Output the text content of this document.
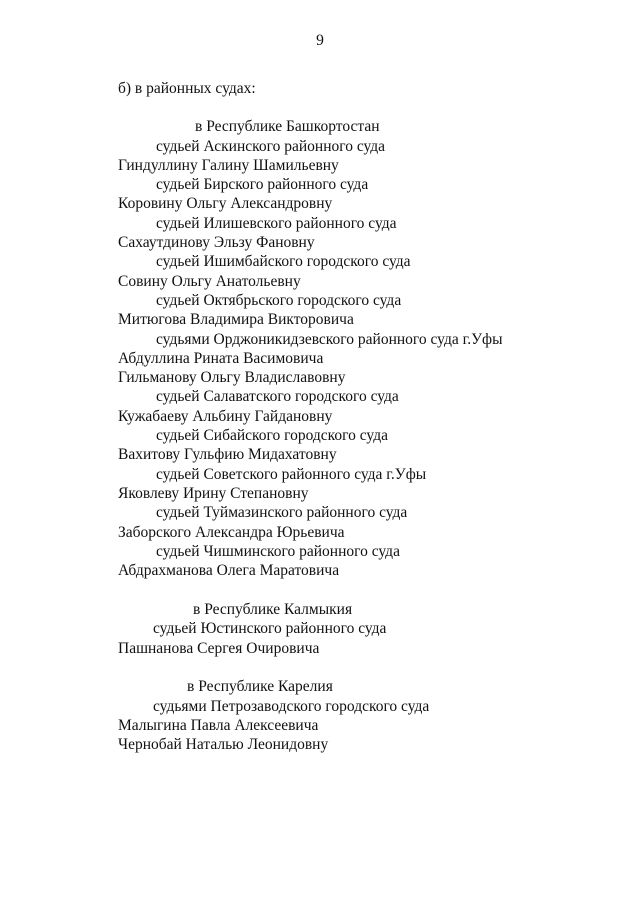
9
б) в районных судах:
в Республике Башкортостан
судьей Аскинского районного суда
Гиндуллину Галину Шамильевну
судьей Бирского районного суда
Коровину Ольгу Александровну
судьей Илишевского районного суда
Сахаутдинову Эльзу Фановну
судьей Ишимбайского городского суда
Совину Ольгу Анатольевну
судьей Октябрьского городского суда
Митюгова Владимира Викторовича
судьями Орджоникидзевского районного суда г.Уфы
Абдуллина Рината Васимовича
Гильманову Ольгу Владиславовну
судьей Салаватского городского суда
Кужабаеву Альбину Гайдановну
судьей Сибайского городского суда
Вахитову Гульфию Мидахатовну
судьей Советского районного суда г.Уфы
Яковлеву Ирину Степановну
судьей Туймазинского районного суда
Заборского Александра Юрьевича
судьей Чишминского районного суда
Абдрахманова Олега Маратовича
в Республике Калмыкия
судьей Юстинского районного суда
Пашнанова Сергея Очировича
в Республике Карелия
судьями Петрозаводского городского суда
Малыгина Павла Алексеевича
Чернобай Наталью Леонидовну
